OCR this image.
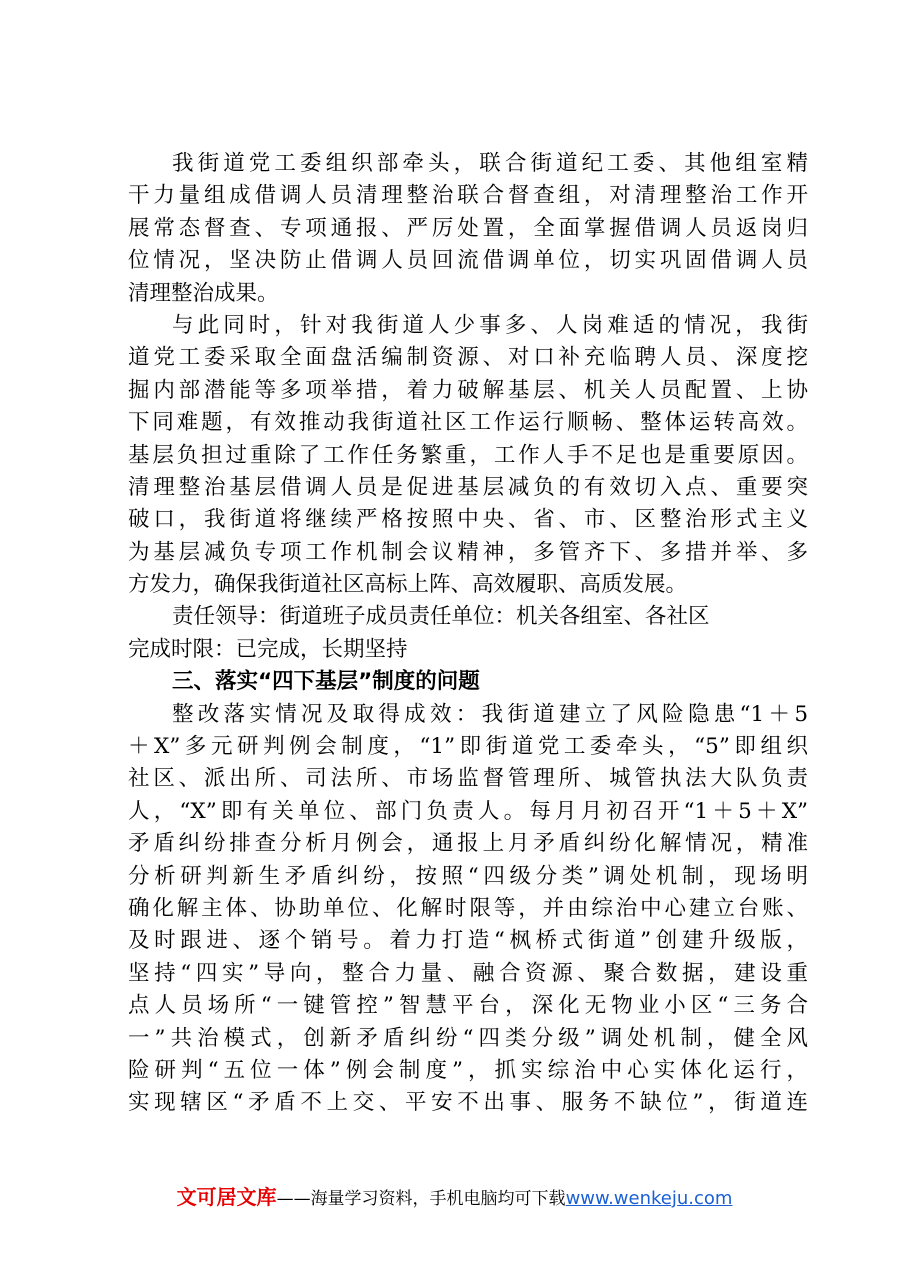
我街道党工委组织部牵头，联合街道纪工委、其他组室精
干力量组成借调人员清理整治联合督查组，对清理整治工作开
展常态督查、专项通报、严厉处置，全面掌握借调人员返岗归
位情况，坚决防止借调人员回流借调单位，切实巩固借调人员
清理整治成果。
与此同时，针对我街道人少事多、人岗难适的情况，我街
道党工委采取全面盘活编制资源、对口补充临聘人员、深度挖
掘内部潜能等多项举措，着力破解基层、机关人员配置、上协
下同难题，有效推动我街道社区工作运行顺畅、整体运转高效。
基层负担过重除了工作任务繁重，工作人手不足也是重要原因。
清理整治基层借调人员是促进基层减负的有效切入点、重要突
破口，我街道将继续严格按照中央、省、市、区整治形式主义
为基层减负专项工作机制会议精神，多管齐下、多措并举、多
方发力，确保我街道社区高标上阵、高效履职、高质发展。
责任领导：街道班子成员责任单位：机关各组室、各社区
完成时限：已完成，长期坚持
三、落实“四下基层”制度的问题
整改落实情况及取得成效：我街道建立了风险隐患“1＋5
＋X”多元研判例会制度，“1”即街道党工委牵头，“5”即组织
社区、派出所、司法所、市场监督管理所、城管执法大队负责
人，“X”即有关单位、部门负责人。每月月初召开“1＋5＋X”
矛盾纠纷排查分析月例会，通报上月矛盾纠纷化解情况，精准
分析研判新生矛盾纠纷，按照“四级分类”调处机制，现场明
确化解主体、协助单位、化解时限等，并由综治中心建立台账、
及时跟进、逐个销号。着力打造“枫桥式街道”创建升级版，
坚持“四实”导向，整合力量、融合资源、聚合数据，建设重
点人员场所“一键管控”智慧平台，深化无物业小区“三务合
一”共治模式，创新矛盾纠纷“四类分级”调处机制，健全风
险研判“五位一体”例会制度”，抓实综治中心实体化运行，
实现辖区“矛盾不上交、平安不出事、服务不缺位”，街道连
文可居文库——海量学习资料，手机电脑均可下载www.wenkeju.com
